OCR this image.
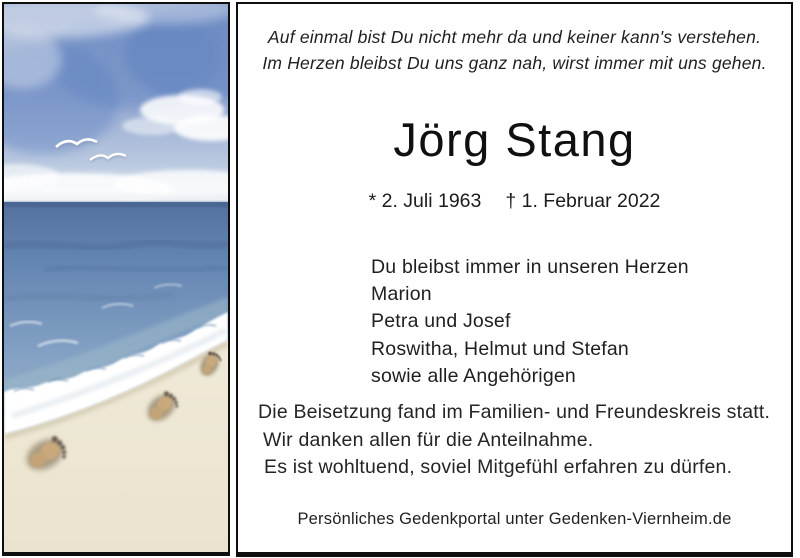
Auf einmal bist Du nicht mehr da und keiner kann's verstehen.
Im Herzen bleibst Du uns ganz nah, wirst immer mit uns gehen.
Jörg Stang
* 2. Juli 1963 † 1. Februar 2022
Du bleibst immer in unseren Herzen
Marion
Petra und Josef
Roswitha, Helmut und Stefan
sowie alle Angehörigen
Die Beisetzung fand im Familien- und Freundeskreis statt.
Wir danken allen für die Anteilnahme.
Es ist wohltuend, soviel Mitgefühl erfahren zu dürfen.
Persönliches Gedenkportal unter Gedenken-Viernheim.de
